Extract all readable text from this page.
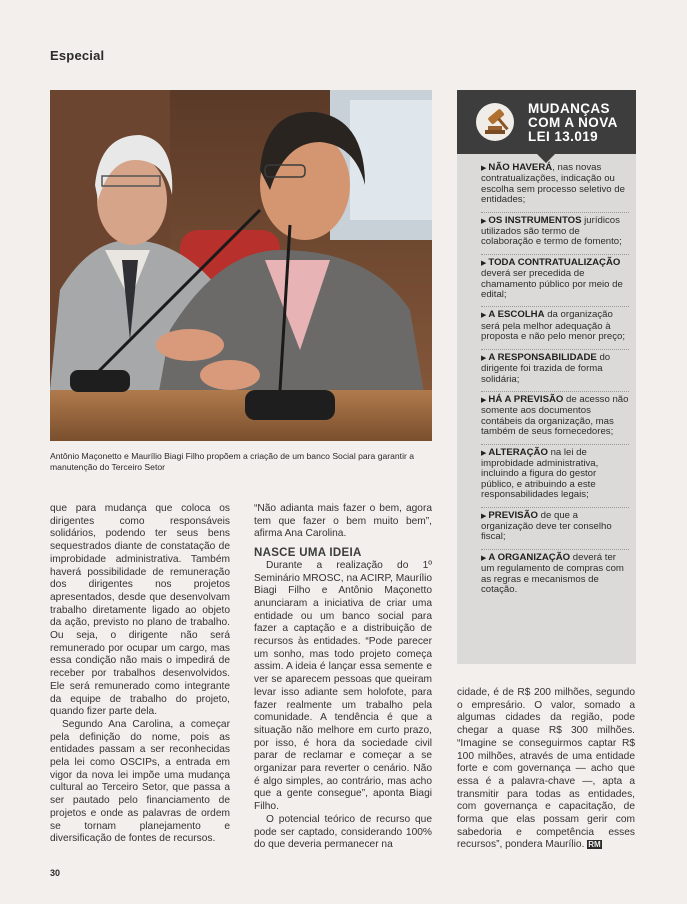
Especial
Antônio Maçonetto e Maurílio Biagi Filho propõem a criação de um banco Social para garantir a manutenção do Terceiro Setor
MUDANÇAS
COM A NOVA
LEI 13.019
▶ NÃO HAVERÁ, nas novas contratualizações, indicação ou escolha sem processo seletivo de entidades;
▶ OS INSTRUMENTOS jurídicos utilizados são termo de colaboração e termo de fomento;
▶ TODA CONTRATUALIZAÇÃO deverá ser precedida de chamamento público por meio de edital;
▶ A ESCOLHA da organização será pela melhor adequação à proposta e não pelo menor preço;
▶ A RESPONSABILIDADE do dirigente foi trazida de forma solidária;
▶ HÁ A PREVISÃO de acesso não somente aos documentos contábeis da organização, mas também de seus fornecedores;
▶ ALTERAÇÃO na lei de improbidade administrativa, incluindo a figura do gestor público, e atribuindo a este responsabilidades legais;
▶ PREVISÃO de que a organização deve ter conselho fiscal;
▶ A ORGANIZAÇÃO deverá ter um regulamento de compras com as regras e mecanismos de cotação.

que para mudança que coloca os dirigentes como responsáveis solidários, podendo ter seus bens sequestrados diante de constatação de improbidade administrativa. Também haverá possibilidade de remuneração dos dirigentes nos projetos apresentados, desde que desenvolvam trabalho diretamente ligado ao objeto da ação, previsto no plano de trabalho. Ou seja, o dirigente não será remunerado por ocupar um cargo, mas essa condição não mais o impedirá de receber por trabalhos desenvolvidos. Ele será remunerado como integrante da equipe de trabalho do projeto, quando fizer parte dela.

Segundo Ana Carolina, a começar pela definição do nome, pois as entidades passam a ser reconhecidas pela lei como OSCIPs, a entrada em vigor da nova lei impõe uma mudança cultural ao Terceiro Setor, que passa a ser pautado pelo financiamento de projetos e onde as palavras de ordem se tornam planejamento e diversificação de fontes de recursos.

“Não adianta mais fazer o bem, agora tem que fazer o bem muito bem”, afirma Ana Carolina.

NASCE UMA IDEIA

Durante a realização do 1º Seminário MROSC, na ACIRP, Maurílio Biagi Filho e Antônio Maçonetto anunciaram a iniciativa de criar uma entidade ou um banco social para fazer a captação e a distribuição de recursos às entidades. “Pode parecer um sonho, mas todo projeto começa assim. A ideia é lançar essa semente e ver se aparecem pessoas que queiram levar isso adiante sem holofote, para fazer realmente um trabalho pela comunidade. A tendência é que a situação não melhore em curto prazo, por isso, é hora da sociedade civil parar de reclamar e começar a se organizar para reverter o cenário. Não é algo simples, ao contrário, mas acho que a gente consegue”, aponta Biagi Filho.

O potencial teórico de recurso que pode ser captado, considerando 100% do que deveria permanecer na

cidade, é de R$ 200 milhões, segundo o empresário. O valor, somado a algumas cidades da região, pode chegar a quase R$ 300 milhões. “Imagine se conseguirmos captar R$ 100 milhões, através de uma entidade forte e com governança — acho que essa é a palavra-chave —, apta a transmitir para todas as entidades, com governança e capacitação, de forma que elas possam gerir com sabedoria e competência esses recursos”, pondera Maurílio. RM

30
